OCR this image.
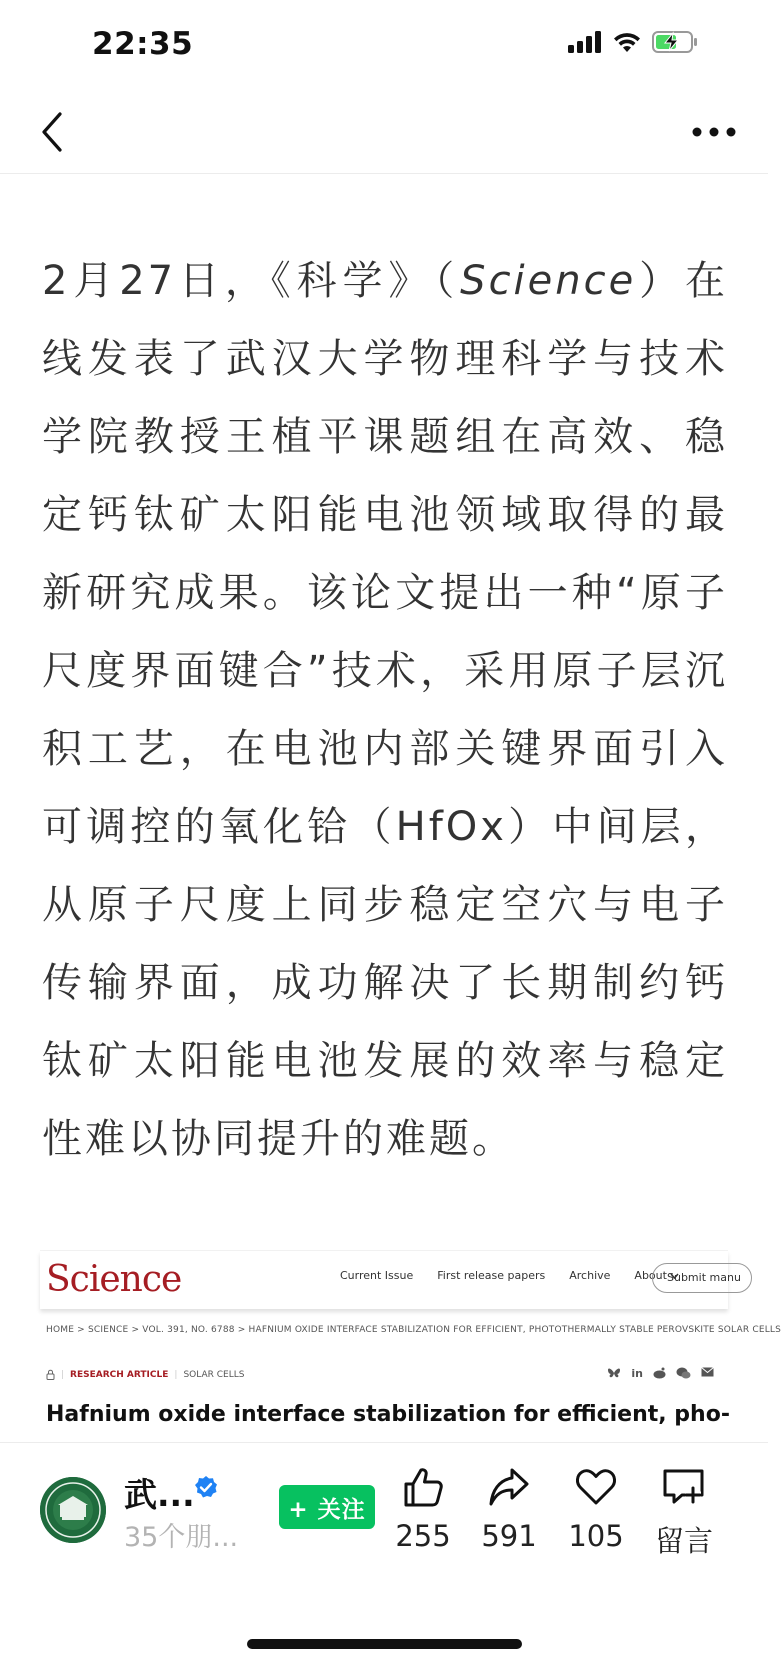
22:35

2月27日，《科学》（Science）在线发表了武汉大学物理科学与技术学院教授王植平课题组在高效、稳定钙钛矿太阳能电池领域取得的最新研究成果。该论文提出一种“原子尺度界面键合”技术，采用原子层沉积工艺，在电池内部关键界面引入可调控的氧化铪（HfOx）中间层，从原子尺度上同步稳定空穴与电子传输界面，成功解决了长期制约钙钛矿太阳能电池发展的效率与稳定性难以协同提升的难题。

Science	Current Issue First release papers Archive About Submit manu
HOME > SCIENCE > VOL. 391, NO. 6788 > HAFNIUM OXIDE INTERFACE STABILIZATION FOR EFFICIENT, PHOTOTHERMALLY STABLE PEROVSKITE SOLAR CELLS
| RESEARCH ARTICLE | SOLAR CELLS	in
Hafnium oxide interface stabilization for efficient, pho-
武...
35个朋...
+ 关注
255	591	105	留言
